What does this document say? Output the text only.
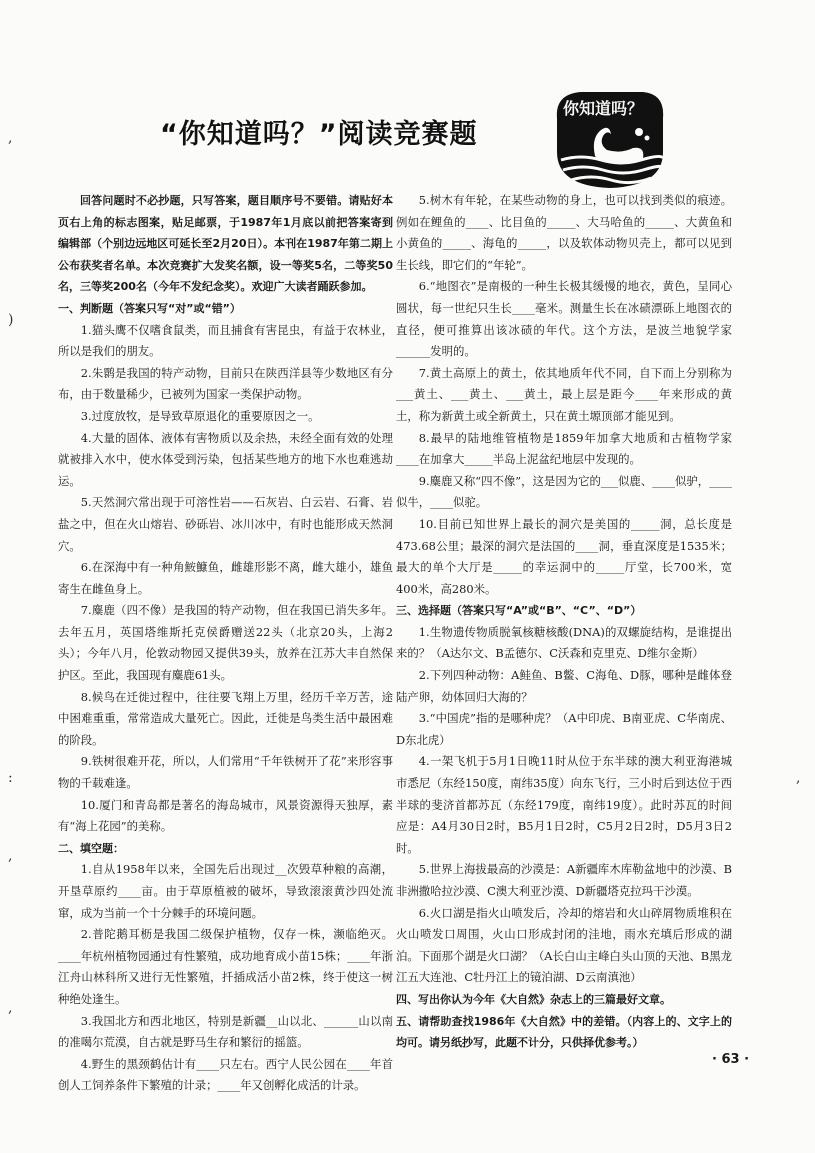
“你知道吗？”阅读竞赛题
你知道吗？

回答问题时不必抄题，只写答案，题目顺序号不要错。请贴好本页右上角的标志图案，贴足邮票，于1987年1月底以前把答案寄到编辑部（个别边远地区可延长至2月20日）。本刊在1987年第二期上公布获奖者名单。本次竞赛扩大发奖名额，设一等奖5名，二等奖50名，三等奖200名（今年不发纪念奖）。欢迎广大读者踊跃参加。

一、判断题（答案只写“对”或“错”）

1.猫头鹰不仅嗜食鼠类，而且捕食有害昆虫，有益于农林业，所以是我们的朋友。

2.朱鹮是我国的特产动物，目前只在陕西洋县等少数地区有分布，由于数量稀少，已被列为国家一类保护动物。

3.过度放牧，是导致草原退化的重要原因之一。

4.大量的固体、液体有害物质以及余热，未经全面有效的处理就被排入水中，使水体受到污染，包括某些地方的地下水也难逃劫运。

5.天然洞穴常出现于可溶性岩——石灰岩、白云岩、石膏、岩盐之中，但在火山熔岩、砂砾岩、冰川冰中，有时也能形成天然洞穴。

6.在深海中有一种角鮟鱇鱼，雌雄形影不离，雌大雄小，雄鱼寄生在雌鱼身上。

7.麋鹿（四不像）是我国的特产动物，但在我国已消失多年。去年五月，英国塔维斯托克侯爵赠送22头（北京20头，上海2头）；今年八月，伦敦动物园又提供39头，放养在江苏大丰自然保护区。至此，我国现有麋鹿61头。

8.候鸟在迁徙过程中，往往要飞翔上万里，经历千辛万苦，途中困难重重，常常造成大量死亡。因此，迁徙是鸟类生活中最困难的阶段。

9.铁树很难开花，所以，人们常用“千年铁树开了花”来形容事物的千载难逢。

10.厦门和青岛都是著名的海岛城市，风景资源得天独厚，素有“海上花园”的美称。

二、填空题：

1.自从1958年以来，全国先后出现过__次毁草种粮的高潮，开垦草原约____亩。由于草原植被的破坏，导致滚滚黄沙四处流窜，成为当前一个十分棘手的环境问题。

2.普陀鹅耳枥是我国二级保护植物，仅存一株，濒临绝灭。____年杭州植物园通过有性繁殖，成功地育成小苗15株；____年浙江舟山林科所又进行无性繁殖，扦插成活小苗2株，终于使这一树种绝处逢生。

3.我国北方和西北地区，特别是新疆__山以北、______山以南的准噶尔荒漠，自古就是野马生存和繁衍的摇篮。

4.野生的黑颈鹤估计有____只左右。西宁人民公园在____年首创人工饲养条件下繁殖的计录；____年又创孵化成活的计录。

5.树木有年轮，在某些动物的身上，也可以找到类似的痕迹。例如在鲤鱼的____、比目鱼的_____、大马哈鱼的_____、大黄鱼和小黄鱼的_____、海龟的_____，以及软体动物贝壳上，都可以见到生长线，即它们的“年轮”。

6.“地图衣”是南极的一种生长极其缓慢的地衣，黄色，呈同心圆状，每一世纪只生长____毫米。测量生长在冰碛漂砾上地图衣的直径，便可推算出该冰碛的年代。这个方法，是波兰地貌学家______发明的。

7.黄土高原上的黄土，依其地质年代不同，自下而上分别称为___黄土、___黄土、___黄土，最上层是距今____年来形成的黄土，称为新黄土或全新黄土，只在黄土塬顶部才能见到。

8.最早的陆地维管植物是1859年加拿大地质和古植物学家____在加拿大_____半岛上泥盆纪地层中发现的。

9.麋鹿又称“四不像”，这是因为它的___似鹿、____似驴，____似牛，____似驼。

10.目前已知世界上最长的洞穴是美国的_____洞，总长度是473.68公里；最深的洞穴是法国的____洞，垂直深度是1535米；最大的单个大厅是_____的幸运洞中的_____厅堂，长700米，宽400米，高280米。

三、选择题（答案只写“A”或“B”、“C”、“D”）

1.生物遗传物质脱氧核糖核酸(DNA)的双螺旋结构，是谁提出来的？（A达尔文、B孟德尔、C沃森和克里克、D维尔金斯）

2.下列四种动物：A鲑鱼、B鳖、C海龟、D豚，哪种是雌体登陆产卵，幼体回归大海的？

3.“中国虎”指的是哪种虎？（A中印虎、B南亚虎、C华南虎、D东北虎）

4.一架飞机于5月1日晚11时从位于东半球的澳大利亚海港城市悉尼（东经150度，南纬35度）向东飞行，三小时后到达位于西半球的斐济首都苏瓦（东经179度，南纬19度）。此时苏瓦的时间应是：A4月30日2时，B5月1日2时，C5月2日2时，D5月3日2时。

5.世界上海拔最高的沙漠是：A新疆库木库勒盆地中的沙漠、B非洲撒哈拉沙漠、C澳大利亚沙漠、D新疆塔克拉玛干沙漠。

6.火口湖是指火山喷发后，冷却的熔岩和火山碎屑物质堆积在火山喷发口周围，火山口形成封闭的洼地，雨水充填后形成的湖泊。下面那个湖是火口湖？（A长白山主峰白头山顶的天池、B黑龙江五大连池、C牡丹江上的镜泊湖、D云南滇池）

四、写出你认为今年《大自然》杂志上的三篇最好文章。

五、请帮助查找1986年《大自然》中的差错。（内容上的、文字上的均可。请另纸抄写，此题不计分，只供择优参考。）

· 63 ·
,
)
:
,
,
,
